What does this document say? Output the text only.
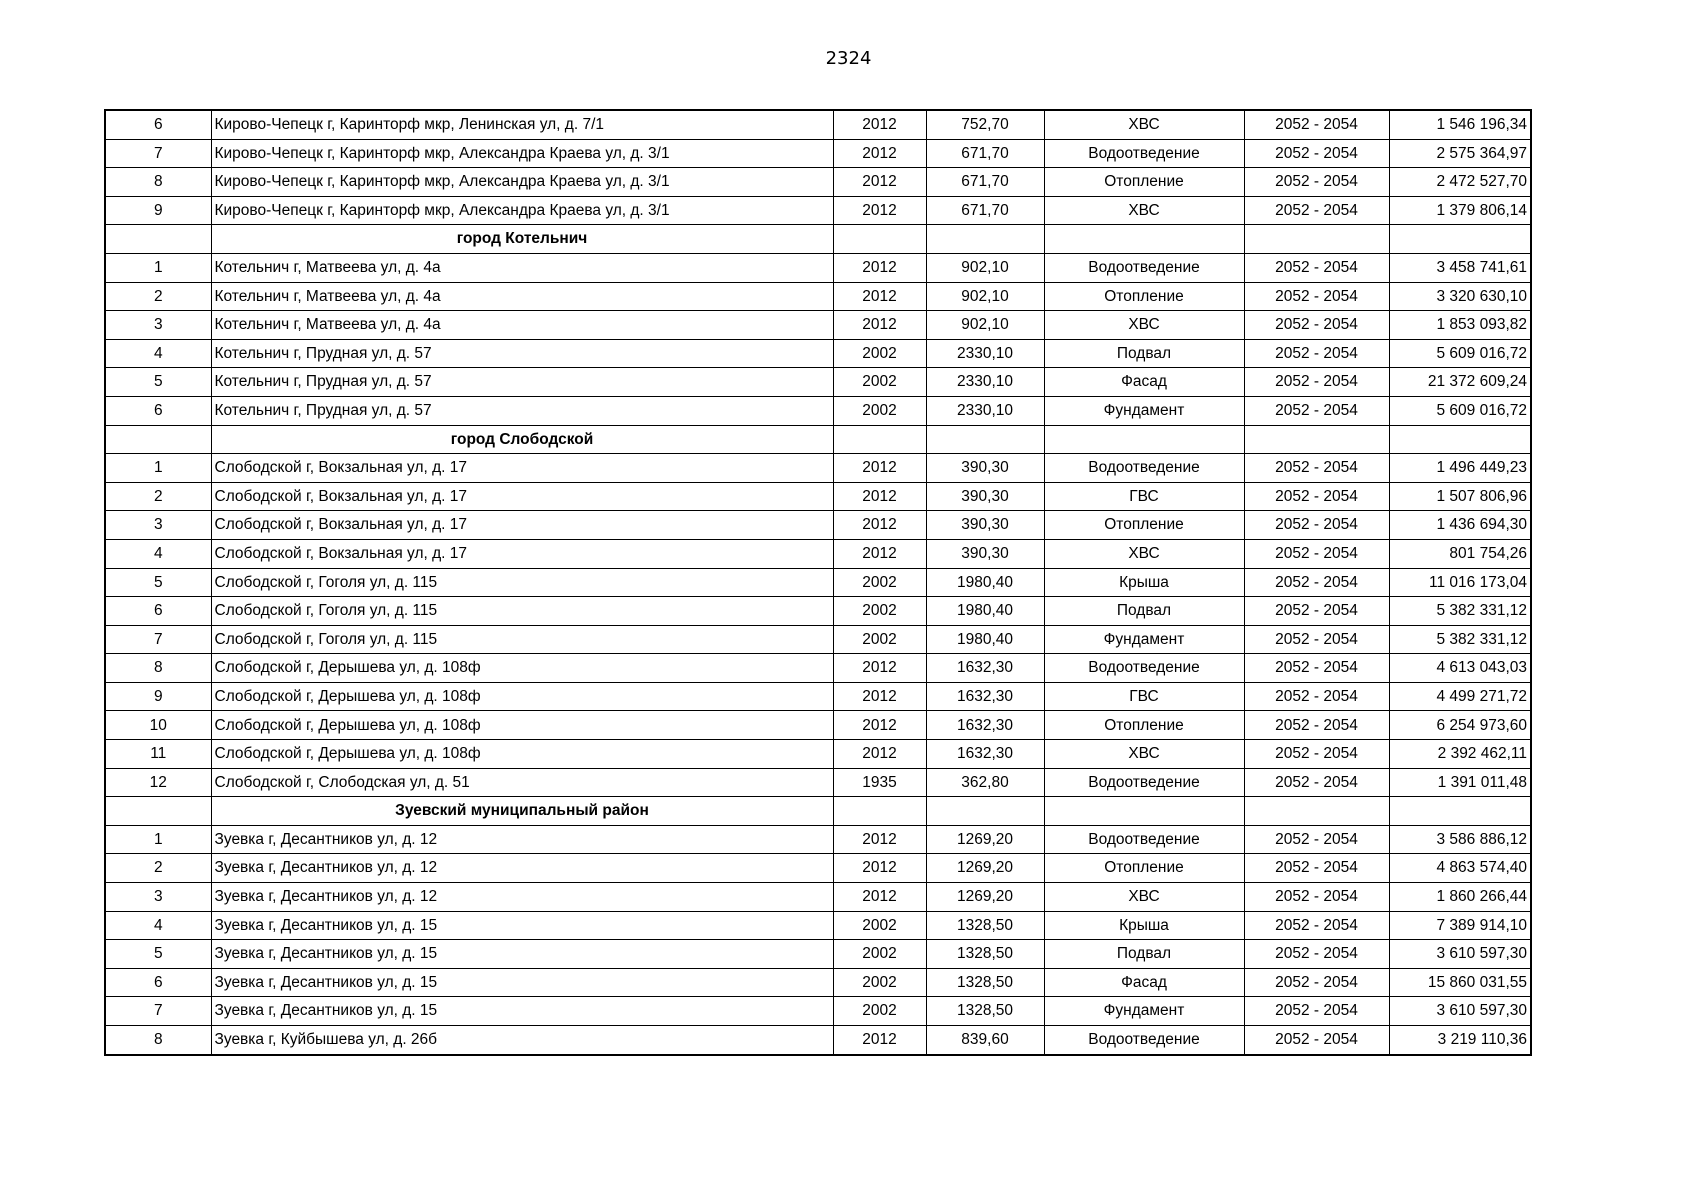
2324
6	Кирово-Чепецк г, Каринторф мкр, Ленинская ул, д. 7/1	2012	752,70	ХВС	2052 - 2054	1 546 196,34
7	Кирово-Чепецк г, Каринторф мкр, Александра Краева ул, д. 3/1	2012	671,70	Водоотведение	2052 - 2054	2 575 364,97
8	Кирово-Чепецк г, Каринторф мкр, Александра Краева ул, д. 3/1	2012	671,70	Отопление	2052 - 2054	2 472 527,70
9	Кирово-Чепецк г, Каринторф мкр, Александра Краева ул, д. 3/1	2012	671,70	ХВС	2052 - 2054	1 379 806,14
	город Котельнич					
1	Котельнич г, Матвеева ул, д. 4а	2012	902,10	Водоотведение	2052 - 2054	3 458 741,61
2	Котельнич г, Матвеева ул, д. 4а	2012	902,10	Отопление	2052 - 2054	3 320 630,10
3	Котельнич г, Матвеева ул, д. 4а	2012	902,10	ХВС	2052 - 2054	1 853 093,82
4	Котельнич г, Прудная ул, д. 57	2002	2330,10	Подвал	2052 - 2054	5 609 016,72
5	Котельнич г, Прудная ул, д. 57	2002	2330,10	Фасад	2052 - 2054	21 372 609,24
6	Котельнич г, Прудная ул, д. 57	2002	2330,10	Фундамент	2052 - 2054	5 609 016,72
	город Слободской					
1	Слободской г, Вокзальная ул, д. 17	2012	390,30	Водоотведение	2052 - 2054	1 496 449,23
2	Слободской г, Вокзальная ул, д. 17	2012	390,30	ГВС	2052 - 2054	1 507 806,96
3	Слободской г, Вокзальная ул, д. 17	2012	390,30	Отопление	2052 - 2054	1 436 694,30
4	Слободской г, Вокзальная ул, д. 17	2012	390,30	ХВС	2052 - 2054	801 754,26
5	Слободской г, Гоголя ул, д. 115	2002	1980,40	Крыша	2052 - 2054	11 016 173,04
6	Слободской г, Гоголя ул, д. 115	2002	1980,40	Подвал	2052 - 2054	5 382 331,12
7	Слободской г, Гоголя ул, д. 115	2002	1980,40	Фундамент	2052 - 2054	5 382 331,12
8	Слободской г, Дерышева ул, д. 108ф	2012	1632,30	Водоотведение	2052 - 2054	4 613 043,03
9	Слободской г, Дерышева ул, д. 108ф	2012	1632,30	ГВС	2052 - 2054	4 499 271,72
10	Слободской г, Дерышева ул, д. 108ф	2012	1632,30	Отопление	2052 - 2054	6 254 973,60
11	Слободской г, Дерышева ул, д. 108ф	2012	1632,30	ХВС	2052 - 2054	2 392 462,11
12	Слободской г, Слободская ул, д. 51	1935	362,80	Водоотведение	2052 - 2054	1 391 011,48
	Зуевский муниципальный район					
1	Зуевка г, Десантников ул, д. 12	2012	1269,20	Водоотведение	2052 - 2054	3 586 886,12
2	Зуевка г, Десантников ул, д. 12	2012	1269,20	Отопление	2052 - 2054	4 863 574,40
3	Зуевка г, Десантников ул, д. 12	2012	1269,20	ХВС	2052 - 2054	1 860 266,44
4	Зуевка г, Десантников ул, д. 15	2002	1328,50	Крыша	2052 - 2054	7 389 914,10
5	Зуевка г, Десантников ул, д. 15	2002	1328,50	Подвал	2052 - 2054	3 610 597,30
6	Зуевка г, Десантников ул, д. 15	2002	1328,50	Фасад	2052 - 2054	15 860 031,55
7	Зуевка г, Десантников ул, д. 15	2002	1328,50	Фундамент	2052 - 2054	3 610 597,30
8	Зуевка г, Куйбышева ул, д. 26б	2012	839,60	Водоотведение	2052 - 2054	3 219 110,36
